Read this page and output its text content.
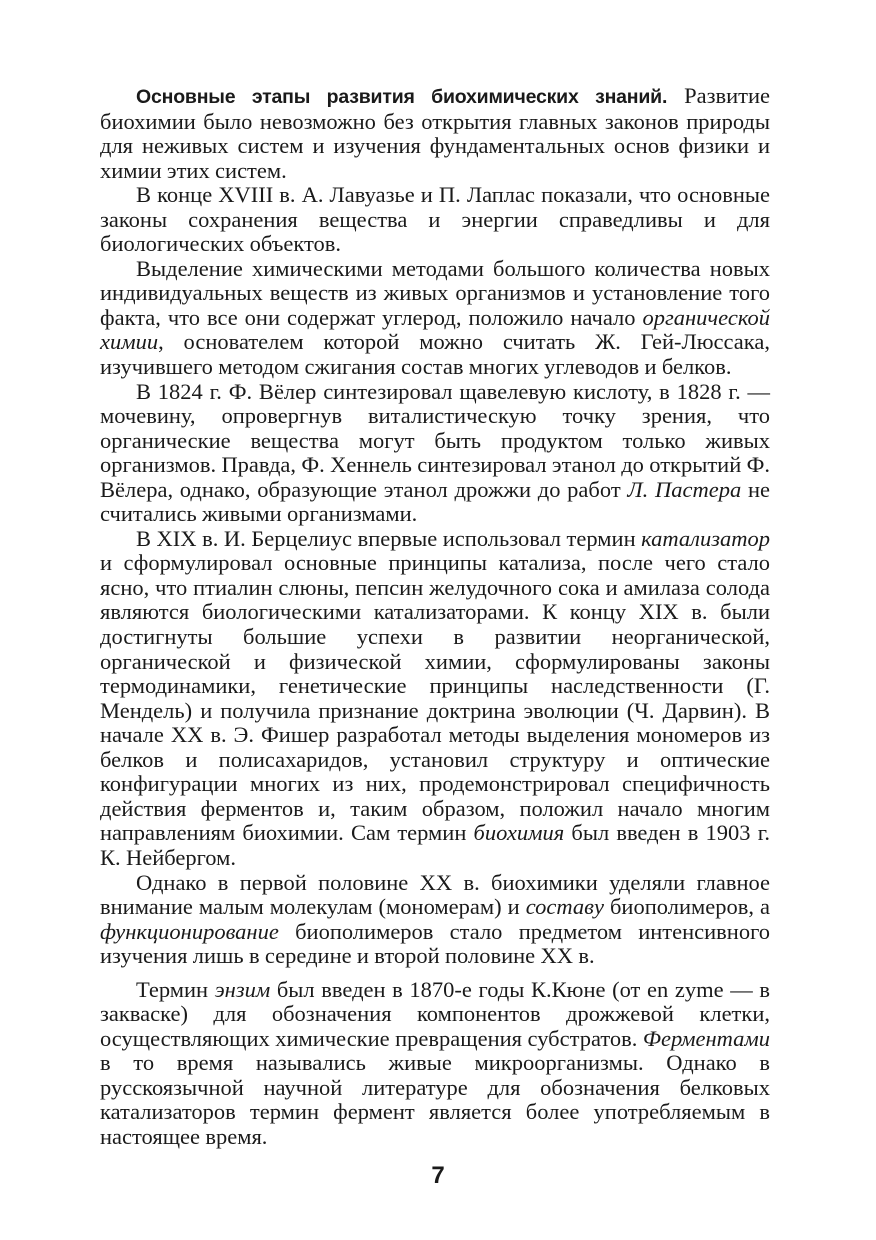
Основные этапы развития биохимических знаний. Развитие биохимии было невозможно без открытия главных законов природы для неживых систем и изучения фундаментальных основ физики и химии этих систем.

В конце XVIII в. А. Лавуазье и П. Лаплас показали, что основные законы сохранения вещества и энергии справедливы и для биологических объектов.

Выделение химическими методами большого количества новых индивидуальных веществ из живых организмов и установление того факта, что все они содержат углерод, положило начало органической химии, основателем которой можно считать Ж. Гей-Люссака, изучившего методом сжигания состав многих углеводов и белков.

В 1824 г. Ф. Вёлер синтезировал щавелевую кислоту, в 1828 г. — мочевину, опровергнув виталистическую точку зрения, что органические вещества могут быть продуктом только живых организмов. Правда, Ф. Хеннель синтезировал этанол до открытий Ф. Вёлера, однако, образующие этанол дрожжи до работ Л. Пастера не считались живыми организмами.

В XIX в. И. Берцелиус впервые использовал термин катализатор и сформулировал основные принципы катализа, после чего стало ясно, что птиалин слюны, пепсин желудочного сока и амилаза солода являются биологическими катализаторами. К концу XIX в. были достигнуты большие успехи в развитии неорганической, органической и физической химии, сформулированы законы термодинамики, генетические принципы наследственности (Г. Мендель) и получила признание доктрина эволюции (Ч. Дарвин). В начале XX в. Э. Фишер разработал методы выделения мономеров из белков и полисахаридов, установил структуру и оптические конфигурации многих из них, продемонстрировал специфичность действия ферментов и, таким образом, положил начало многим направлениям биохимии. Сам термин биохимия был введен в 1903 г. К. Нейбергом.

Однако в первой половине XX в. биохимики уделяли главное внимание малым молекулам (мономерам) и составу биополимеров, а функционирование биополимеров стало предметом интенсивного изучения лишь в середине и второй половине XX в.

Термин энзим был введен в 1870-е годы К.Кюне (от en zyme — в закваске) для обозначения компонентов дрожжевой клетки, осуществляющих химические превращения субстратов. Ферментами в то время назывались живые микроорганизмы. Однако в русскоязычной научной литературе для обозначения белковых катализаторов термин фермент является более употребляемым в настоящее время.

7
